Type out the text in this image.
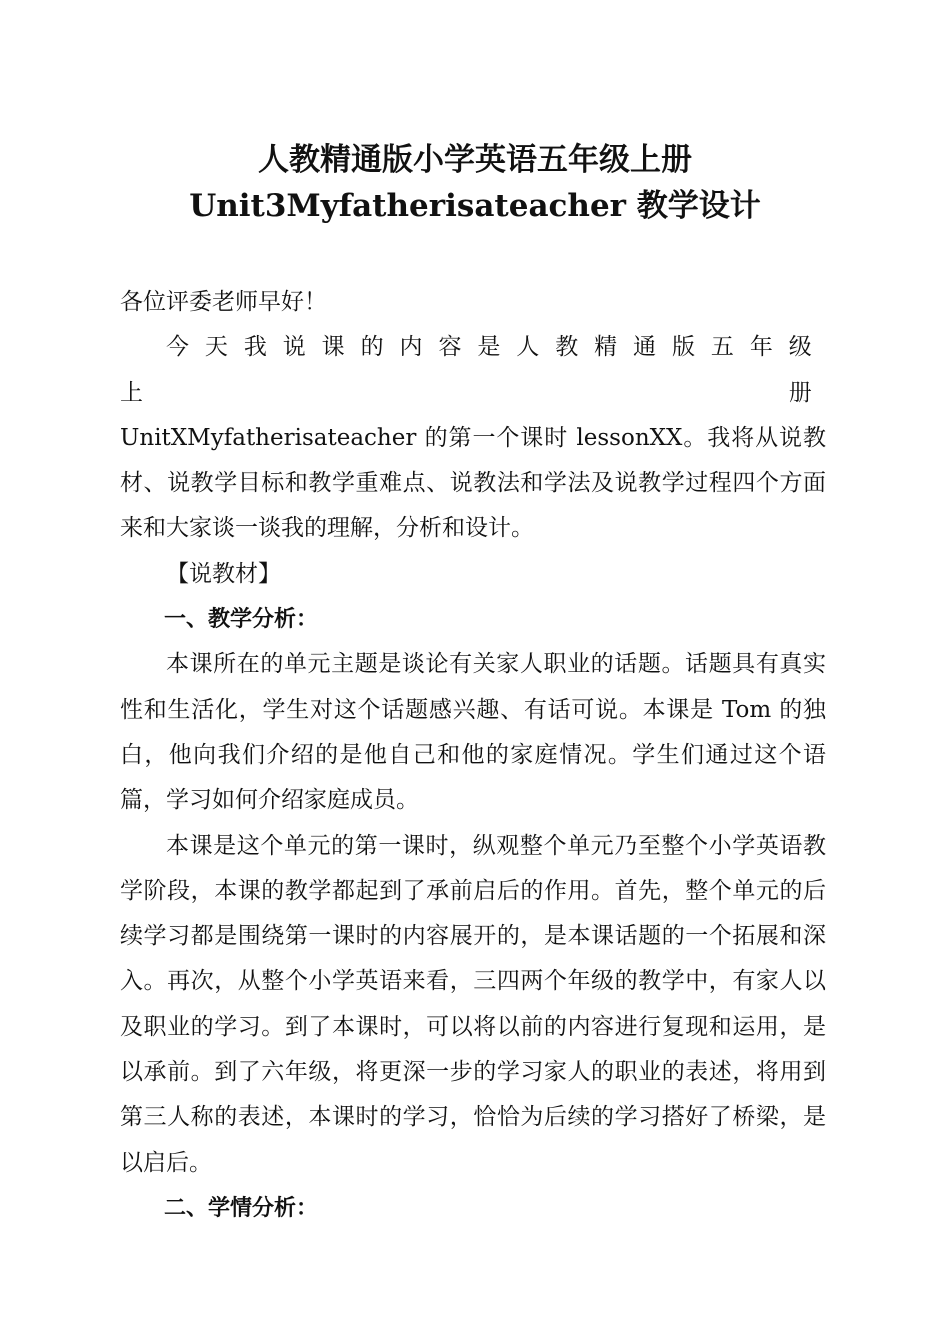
人教精通版小学英语五年级上册
Unit3Myfatherisateacher 教学设计

各位评委老师早好！

今天我说课的内容是人教精通版五年级上册

UnitXMyfatherisateacher 的第一个课时 lessonXX。我将从说教材、说教学目标和教学重难点、说教法和学法及说教学过程四个方面来和大家谈一谈我的理解，分析和设计。

【说教材】

一、教学分析：

本课所在的单元主题是谈论有关家人职业的话题。话题具有真实性和生活化，学生对这个话题感兴趣、有话可说。本课是 Tom 的独白，他向我们介绍的是他自己和他的家庭情况。学生们通过这个语篇，学习如何介绍家庭成员。

本课是这个单元的第一课时，纵观整个单元乃至整个小学英语教学阶段，本课的教学都起到了承前启后的作用。首先，整个单元的后续学习都是围绕第一课时的内容展开的，是本课话题的一个拓展和深入。再次，从整个小学英语来看，三四两个年级的教学中，有家人以及职业的学习。到了本课时，可以将以前的内容进行复现和运用，是以承前。到了六年级，将更深一步的学习家人的职业的表述，将用到第三人称的表述，本课时的学习，恰恰为后续的学习搭好了桥梁，是以启后。

二、学情分析：
